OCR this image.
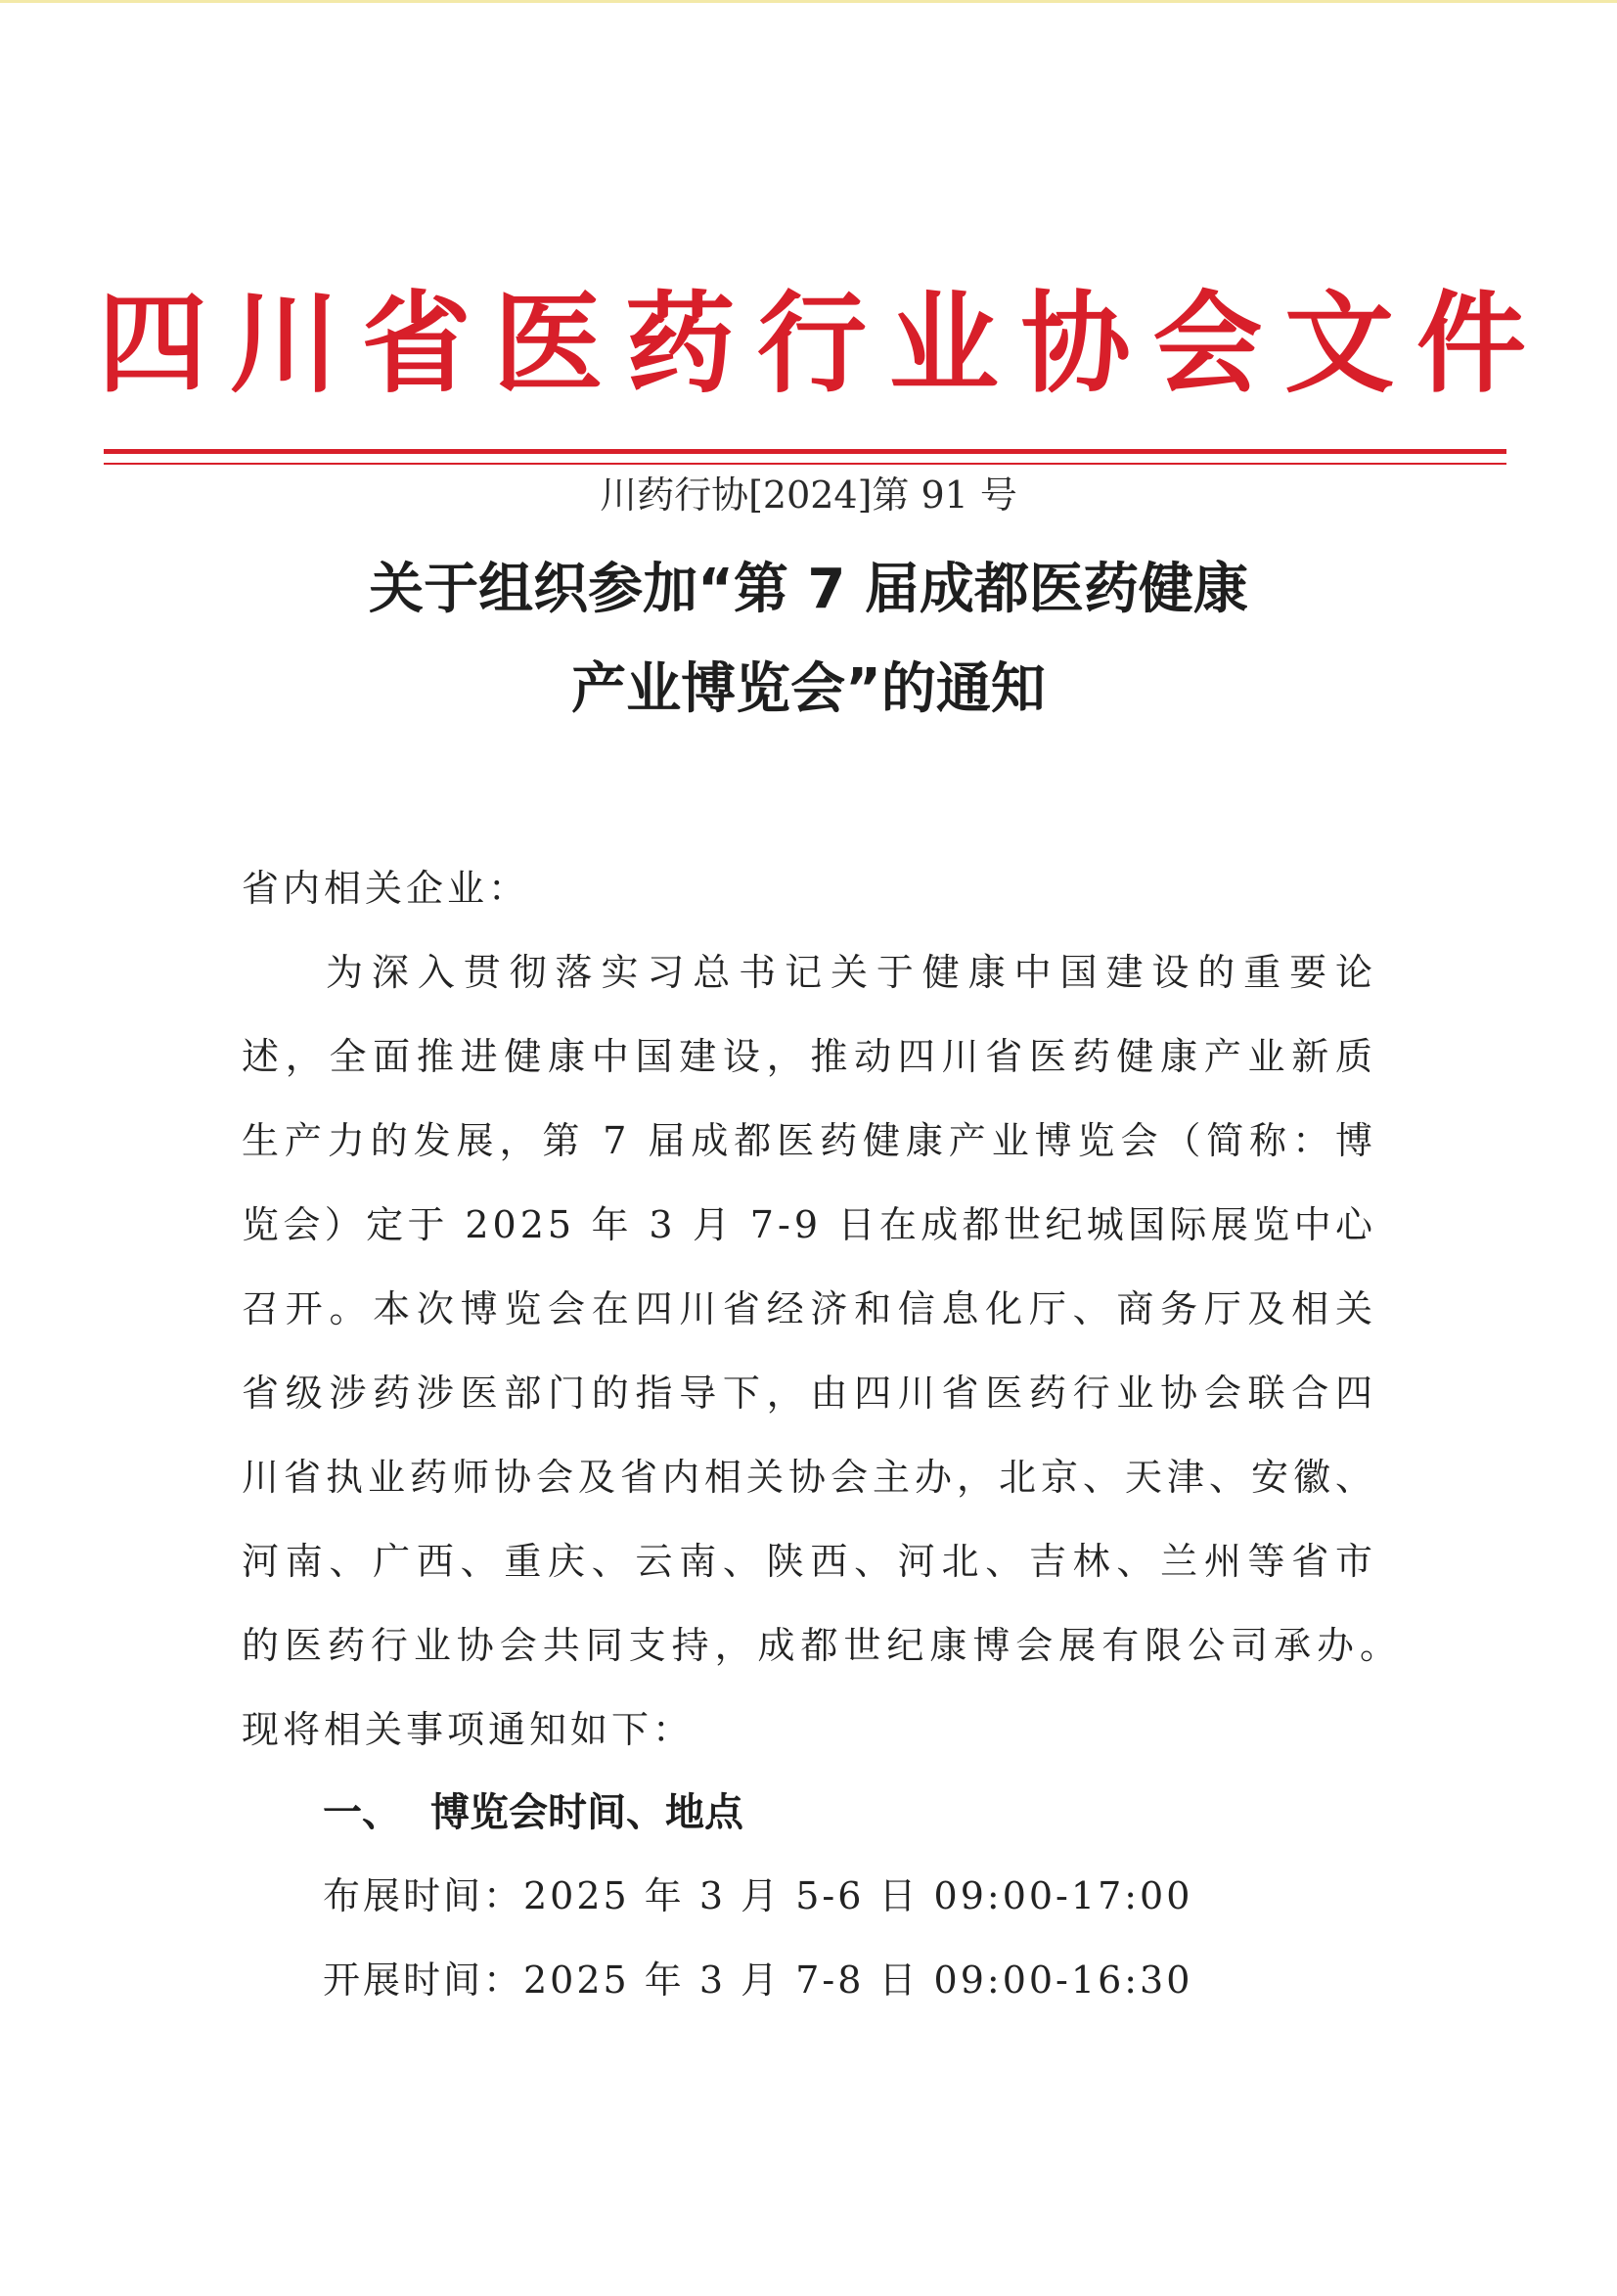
四 川 省 医 药 行 业 协 会 文 件
川药行协[2024]第 91 号
关于组织参加“第 7 届成都医药健康
产业博览会”的通知
省内相关企业：
为深入贯彻落实习总书记关于健康中国建设的重要论
述，全面推进健康中国建设，推动四川省医药健康产业新质
生产力的发展，第 7 届成都医药健康产业博览会（简称：博
览会）定于 2025 年 3 月 7-9 日在成都世纪城国际展览中心
召开。本次博览会在四川省经济和信息化厅、商务厅及相关
省级涉药涉医部门的指导下，由四川省医药行业协会联合四
川省执业药师协会及省内相关协会主办，北京、天津、安徽、
河南、广西、重庆、云南、陕西、河北、吉林、兰州等省市
的医药行业协会共同支持，成都世纪康博会展有限公司承办。
现将相关事项通知如下：
一、 博览会时间、地点
布展时间：2025 年 3 月 5-6 日 09:00-17:00
开展时间：2025 年 3 月 7-8 日 09:00-16:30
